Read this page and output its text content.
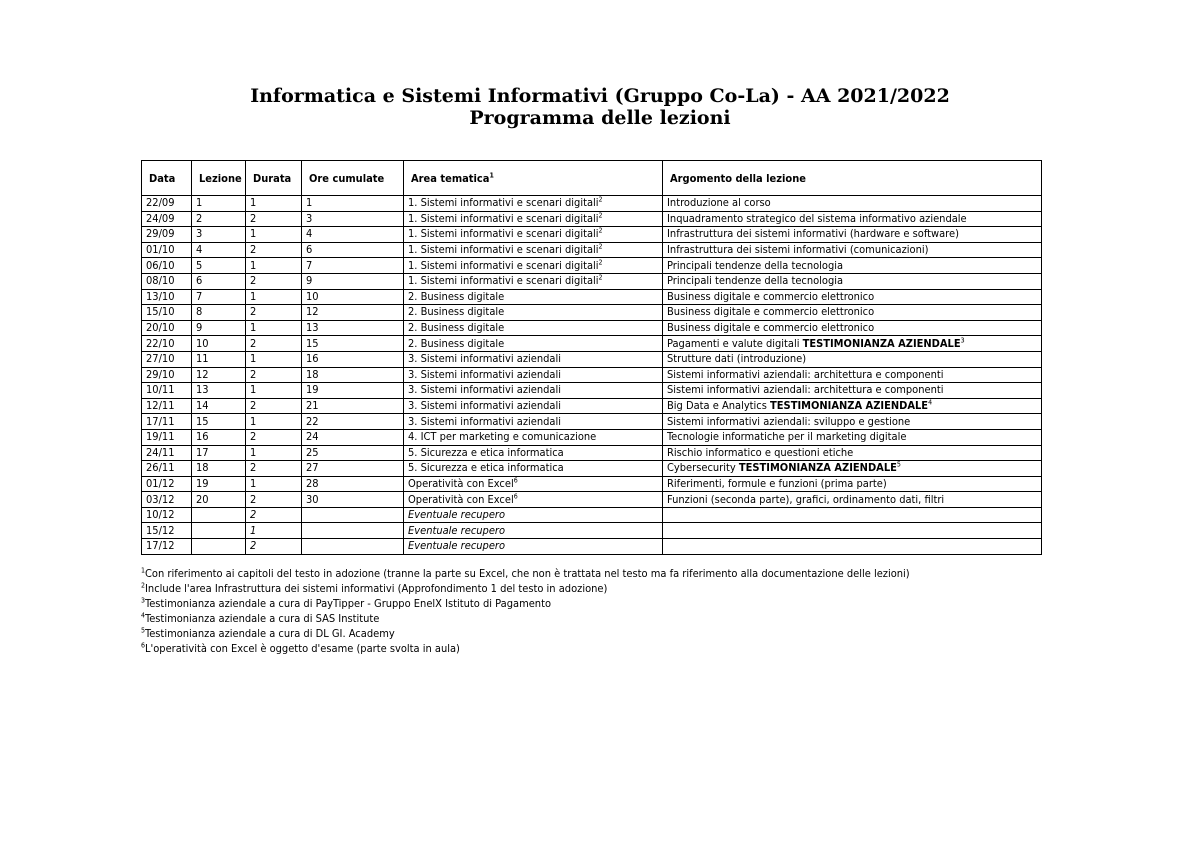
Informatica e Sistemi Informativi (Gruppo Co-La) - AA 2021/2022
Programma delle lezioni
Data	Lezione	Durata	Ore cumulate	Area tematica$^1$	Argomento della lezione
22/09	1	1	1	1. Sistemi informativi e scenari digitali$^2$	Introduzione al corso
24/09	2	2	3	1. Sistemi informativi e scenari digitali$^2$	Inquadramento strategico del sistema informativo aziendale
29/09	3	1	4	1. Sistemi informativi e scenari digitali$^2$	Infrastruttura dei sistemi informativi (hardware e software)
01/10	4	2	6	1. Sistemi informativi e scenari digitali$^2$	Infrastruttura dei sistemi informativi (comunicazioni)
06/10	5	1	7	1. Sistemi informativi e scenari digitali$^2$	Principali tendenze della tecnologia
08/10	6	2	9	1. Sistemi informativi e scenari digitali$^2$	Principali tendenze della tecnologia
13/10	7	1	10	2. Business digitale	Business digitale e commercio elettronico
15/10	8	2	12	2. Business digitale	Business digitale e commercio elettronico
20/10	9	1	13	2. Business digitale	Business digitale e commercio elettronico
22/10	10	2	15	2. Business digitale	Pagamenti e valute digitali TESTIMONIANZA AZIENDALE$^3$
27/10	11	1	16	3. Sistemi informativi aziendali	Strutture dati (introduzione)
29/10	12	2	18	3. Sistemi informativi aziendali	Sistemi informativi aziendali: architettura e componenti
10/11	13	1	19	3. Sistemi informativi aziendali	Sistemi informativi aziendali: architettura e componenti
12/11	14	2	21	3. Sistemi informativi aziendali	Big Data e Analytics TESTIMONIANZA AZIENDALE$^4$
17/11	15	1	22	3. Sistemi informativi aziendali	Sistemi informativi aziendali: sviluppo e gestione
19/11	16	2	24	4. ICT per marketing e comunicazione	Tecnologie informatiche per il marketing digitale
24/11	17	1	25	5. Sicurezza e etica informatica	Rischio informatico e questioni etiche
26/11	18	2	27	5. Sicurezza e etica informatica	Cybersecurity TESTIMONIANZA AZIENDALE$^5$
01/12	19	1	28	Operatività con Excel$^6$	Riferimenti, formule e funzioni (prima parte)
03/12	20	2	30	Operatività con Excel$^6$	Funzioni (seconda parte), grafici, ordinamento dati, filtri
10/12		2		Eventuale recupero	
15/12		1		Eventuale recupero	
17/12		2		Eventuale recupero	
$^1$Con riferimento ai capitoli del testo in adozione (tranne la parte su Excel, che non è trattata nel testo ma fa riferimento alla documentazione delle lezioni)
$^2$Include l'area Infrastruttura dei sistemi informativi (Approfondimento 1 del testo in adozione)
$^3$Testimonianza aziendale a cura di PayTipper - Gruppo EnelX Istituto di Pagamento
$^4$Testimonianza aziendale a cura di SAS Institute
$^5$Testimonianza aziendale a cura di DL GI. Academy
$^6$L'operatività con Excel è oggetto d'esame (parte svolta in aula)
